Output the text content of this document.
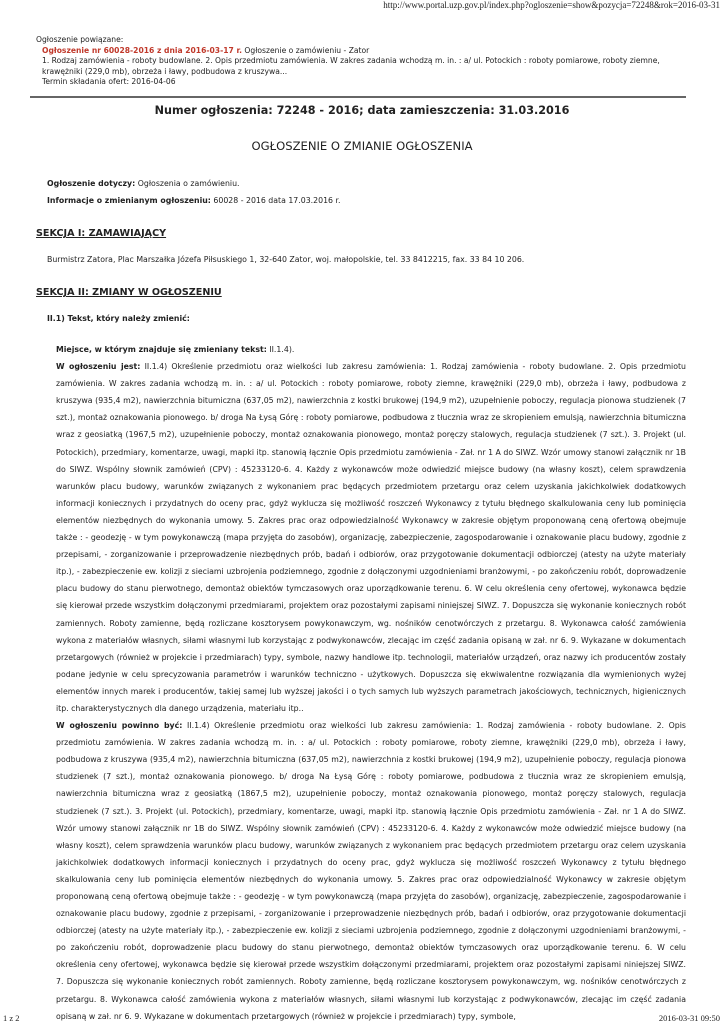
http://www.portal.uzp.gov.pl/index.php?ogloszenie=show&pozycja=72248&rok=2016-03-31
Ogłoszenie powiązane:
Ogłoszenie nr 60028-2016 z dnia 2016-03-17 r. Ogłoszenie o zamówieniu - Zator
1. Rodzaj zamówienia - roboty budowlane. 2. Opis przedmiotu zamówienia. W zakres zadania wchodzą m. in. : a/ ul. Potockich : roboty pomiarowe, roboty ziemne, krawężniki (229,0 mb), obrzeża i ławy, podbudowa z kruszywa...
Termin składania ofert: 2016-04-06
Numer ogłoszenia: 72248 - 2016; data zamieszczenia: 31.03.2016
OGŁOSZENIE O ZMIANIE OGŁOSZENIA
Ogłoszenie dotyczy: Ogłoszenia o zamówieniu.
Informacje o zmienianym ogłoszeniu: 60028 - 2016 data 17.03.2016 r.
SEKCJA I: ZAMAWIAJĄCY
Burmistrz Zatora, Plac Marszałka Józefa Piłsuskiego 1, 32-640 Zator, woj. małopolskie, tel. 33 8412215, fax. 33 84 10 206.
SEKCJA II: ZMIANY W OGŁOSZENIU
II.1) Tekst, który należy zmienić:

Miejsce, w którym znajduje się zmieniany tekst: II.1.4).

W ogłoszeniu jest: II.1.4) Określenie przedmiotu oraz wielkości lub zakresu zamówienia: 1. Rodzaj zamówienia - roboty budowlane. 2. Opis przedmiotu zamówienia. W zakres zadania wchodzą m. in. : a/ ul. Potockich : roboty pomiarowe, roboty ziemne, krawężniki (229,0 mb), obrzeża i ławy, podbudowa z kruszywa (935,4 m2), nawierzchnia bitumiczna (637,05 m2), nawierzchnia z kostki brukowej (194,9 m2), uzupełnienie poboczy, regulacja pionowa studzienek (7 szt.), montaż oznakowania pionowego. b/ droga Na Łysą Górę : roboty pomiarowe, podbudowa z tłucznia wraz ze skropieniem emulsją, nawierzchnia bitumiczna wraz z geosiatką (1967,5 m2), uzupełnienie poboczy, montaż oznakowania pionowego, montaż poręczy stalowych, regulacja studzienek (7 szt.). 3. Projekt (ul. Potockich), przedmiary, komentarze, uwagi, mapki itp. stanowią łącznie Opis przedmiotu zamówienia - Zał. nr 1 A do SIWZ. Wzór umowy stanowi załącznik nr 1B do SIWZ. Wspólny słownik zamówień (CPV) : 45233120-6. 4. Każdy z wykonawców może odwiedzić miejsce budowy (na własny koszt), celem sprawdzenia warunków placu budowy, warunków związanych z wykonaniem prac będących przedmiotem przetargu oraz celem uzyskania jakichkolwiek dodatkowych informacji koniecznych i przydatnych do oceny prac, gdyż wyklucza się możliwość roszczeń Wykonawcy z tytułu błędnego skalkulowania ceny lub pominięcia elementów niezbędnych do wykonania umowy. 5. Zakres prac oraz odpowiedzialność Wykonawcy w zakresie objętym proponowaną ceną ofertową obejmuje także : - geodezję - w tym powykonawczą (mapa przyjęta do zasobów), organizację, zabezpieczenie, zagospodarowanie i oznakowanie placu budowy, zgodnie z przepisami, - zorganizowanie i przeprowadzenie niezbędnych prób, badań i odbiorów, oraz przygotowanie dokumentacji odbiorczej (atesty na użyte materiały itp.), - zabezpieczenie ew. kolizji z sieciami uzbrojenia podziemnego, zgodnie z dołączonymi uzgodnieniami branżowymi, - po zakończeniu robót, doprowadzenie placu budowy do stanu pierwotnego, demontaż obiektów tymczasowych oraz uporządkowanie terenu. 6. W celu określenia ceny ofertowej, wykonawca będzie się kierował przede wszystkim dołączonymi przedmiarami, projektem oraz pozostałymi zapisami niniejszej SIWZ. 7. Dopuszcza się wykonanie koniecznych robót zamiennych. Roboty zamienne, będą rozliczane kosztorysem powykonawczym, wg. nośników cenotwórczych z przetargu. 8. Wykonawca całość zamówienia wykona z materiałów własnych, siłami własnymi lub korzystając z podwykonawców, zlecając im część zadania opisaną w zał. nr 6. 9. Wykazane w dokumentach przetargowych (również w projekcie i przedmiarach) typy, symbole, nazwy handlowe itp. technologii, materiałów urządzeń, oraz nazwy ich producentów zostały podane jedynie w celu sprecyzowania parametrów i warunków techniczno - użytkowych. Dopuszcza się ekwiwalentne rozwiązania dla wymienionych wyżej elementów innych marek i producentów, takiej samej lub wyższej jakości i o tych samych lub wyższych parametrach jakościowych, technicznych, higienicznych itp. charakterystycznych dla danego urządzenia, materiału itp..

W ogłoszeniu powinno być: II.1.4) Określenie przedmiotu oraz wielkości lub zakresu zamówienia: 1. Rodzaj zamówienia - roboty budowlane. 2. Opis przedmiotu zamówienia. W zakres zadania wchodzą m. in. : a/ ul. Potockich : roboty pomiarowe, roboty ziemne, krawężniki (229,0 mb), obrzeża i ławy, podbudowa z kruszywa (935,4 m2), nawierzchnia bitumiczna (637,05 m2), nawierzchnia z kostki brukowej (194,9 m2), uzupełnienie poboczy, regulacja pionowa studzienek (7 szt.), montaż oznakowania pionowego. b/ droga Na Łysą Górę : roboty pomiarowe, podbudowa z tłucznia wraz ze skropieniem emulsją, nawierzchnia bitumiczna wraz z geosiatką (1867,5 m2), uzupełnienie poboczy, montaż oznakowania pionowego, montaż poręczy stalowych, regulacja studzienek (7 szt.). 3. Projekt (ul. Potockich), przedmiary, komentarze, uwagi, mapki itp. stanowią łącznie Opis przedmiotu zamówienia - Zał. nr 1 A do SIWZ. Wzór umowy stanowi załącznik nr 1B do SIWZ. Wspólny słownik zamówień (CPV) : 45233120-6. 4. Każdy z wykonawców może odwiedzić miejsce budowy (na własny koszt), celem sprawdzenia warunków placu budowy, warunków związanych z wykonaniem prac będących przedmiotem przetargu oraz celem uzyskania jakichkolwiek dodatkowych informacji koniecznych i przydatnych do oceny prac, gdyż wyklucza się możliwość roszczeń Wykonawcy z tytułu błędnego skalkulowania ceny lub pominięcia elementów niezbędnych do wykonania umowy. 5. Zakres prac oraz odpowiedzialność Wykonawcy w zakresie objętym proponowaną ceną ofertową obejmuje także : - geodezję - w tym powykonawczą (mapa przyjęta do zasobów), organizację, zabezpieczenie, zagospodarowanie i oznakowanie placu budowy, zgodnie z przepisami, - zorganizowanie i przeprowadzenie niezbędnych prób, badań i odbiorów, oraz przygotowanie dokumentacji odbiorczej (atesty na użyte materiały itp.), - zabezpieczenie ew. kolizji z sieciami uzbrojenia podziemnego, zgodnie z dołączonymi uzgodnieniami branżowymi, - po zakończeniu robót, doprowadzenie placu budowy do stanu pierwotnego, demontaż obiektów tymczasowych oraz uporządkowanie terenu. 6. W celu określenia ceny ofertowej, wykonawca będzie się kierował przede wszystkim dołączonymi przedmiarami, projektem oraz pozostałymi zapisami niniejszej SIWZ. 7. Dopuszcza się wykonanie koniecznych robót zamiennych. Roboty zamienne, będą rozliczane kosztorysem powykonawczym, wg. nośników cenotwórczych z przetargu. 8. Wykonawca całość zamówienia wykona z materiałów własnych, siłami własnymi lub korzystając z podwykonawców, zlecając im część zadania opisaną w zał. nr 6. 9. Wykazane w dokumentach przetargowych (również w projekcie i przedmiarach) typy, symbole,

1 z 2	2016-03-31 09:50
